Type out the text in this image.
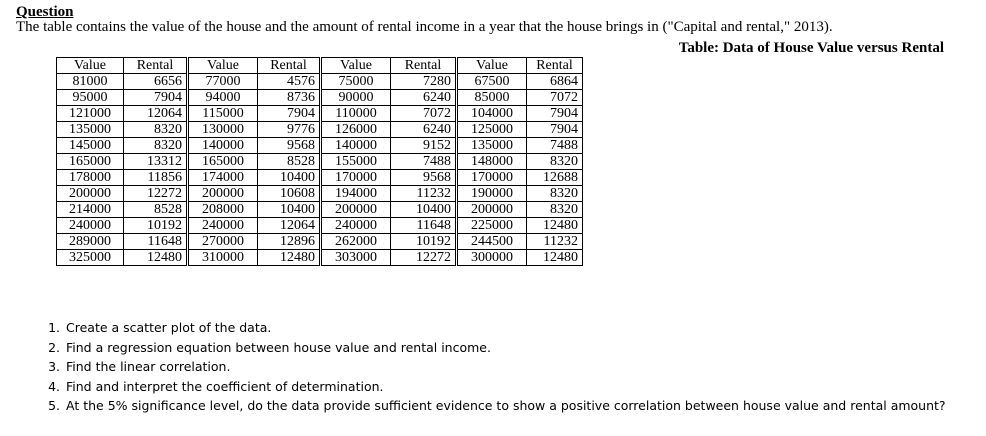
Question
The table contains the value of the house and the amount of rental income in a year that the house brings in ("Capital and rental," 2013).
Table: Data of House Value versus Rental
Value	Rental	Value	Rental	Value	Rental	Value	Rental
81000	6656	77000	4576	75000	7280	67500	6864
95000	7904	94000	8736	90000	6240	85000	7072
121000	12064	115000	7904	110000	7072	104000	7904
135000	8320	130000	9776	126000	6240	125000	7904
145000	8320	140000	9568	140000	9152	135000	7488
165000	13312	165000	8528	155000	7488	148000	8320
178000	11856	174000	10400	170000	9568	170000	12688
200000	12272	200000	10608	194000	11232	190000	8320
214000	8528	208000	10400	200000	10400	200000	8320
240000	10192	240000	12064	240000	11648	225000	12480
289000	11648	270000	12896	262000	10192	244500	11232
325000	12480	310000	12480	303000	12272	300000	12480
1. Create a scatter plot of the data.
2. Find a regression equation between house value and rental income.
3. Find the linear correlation.
4. Find and interpret the coefficient of determination.
5. At the 5% significance level, do the data provide sufficient evidence to show a positive correlation between house value and rental amount?
